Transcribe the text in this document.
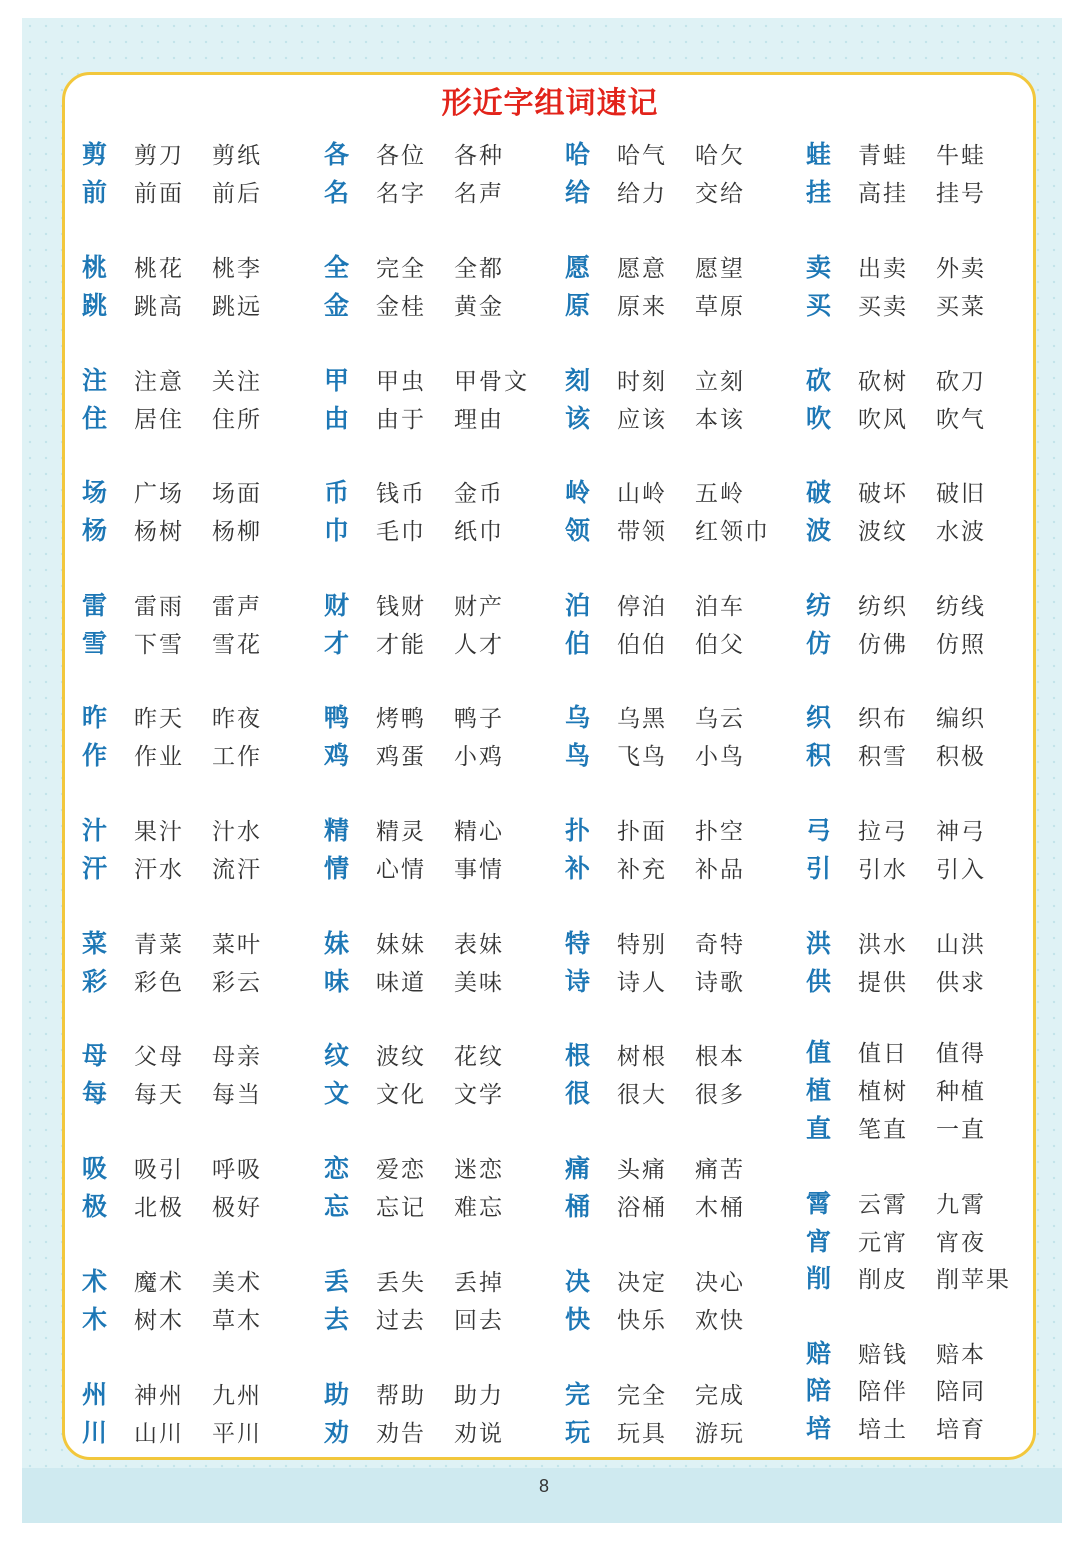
形近字组词速记
剪	剪刀	剪纸
前	前面	前后
桃	桃花	桃李
跳	跳高	跳远
注	注意	关注
住	居住	住所
场	广场	场面
杨	杨树	杨柳
雷	雷雨	雷声
雪	下雪	雪花
昨	昨天	昨夜
作	作业	工作
汁	果汁	汁水
汗	汗水	流汗
菜	青菜	菜叶
彩	彩色	彩云
母	父母	母亲
每	每天	每当
吸	吸引	呼吸
极	北极	极好
术	魔术	美术
木	树木	草木
州	神州	九州
川	山川	平川
各	各位	各种
名	名字	名声
全	完全	全都
金	金桂	黄金
甲	甲虫	甲骨文
由	由于	理由
币	钱币	金币
巾	毛巾	纸巾
财	钱财	财产
才	才能	人才
鸭	烤鸭	鸭子
鸡	鸡蛋	小鸡
精	精灵	精心
情	心情	事情
妹	妹妹	表妹
味	味道	美味
纹	波纹	花纹
文	文化	文学
恋	爱恋	迷恋
忘	忘记	难忘
丢	丢失	丢掉
去	过去	回去
助	帮助	助力
劝	劝告	劝说
哈	哈气	哈欠
给	给力	交给
愿	愿意	愿望
原	原来	草原
刻	时刻	立刻
该	应该	本该
岭	山岭	五岭
领	带领	红领巾
泊	停泊	泊车
伯	伯伯	伯父
乌	乌黑	乌云
鸟	飞鸟	小鸟
扑	扑面	扑空
补	补充	补品
特	特别	奇特
诗	诗人	诗歌
根	树根	根本
很	很大	很多
痛	头痛	痛苦
桶	浴桶	木桶
决	决定	决心
快	快乐	欢快
完	完全	完成
玩	玩具	游玩
蛙	青蛙	牛蛙
挂	高挂	挂号
卖	出卖	外卖
买	买卖	买菜
砍	砍树	砍刀
吹	吹风	吹气
破	破坏	破旧
波	波纹	水波
纺	纺织	纺线
仿	仿佛	仿照
织	织布	编织
积	积雪	积极
弓	拉弓	神弓
引	引水	引入
洪	洪水	山洪
供	提供	供求
值	值日	值得
植	植树	种植
直	笔直	一直
霄	云霄	九霄
宵	元宵	宵夜
削	削皮	削苹果
赔	赔钱	赔本
陪	陪伴	陪同
培	培土	培育
8
